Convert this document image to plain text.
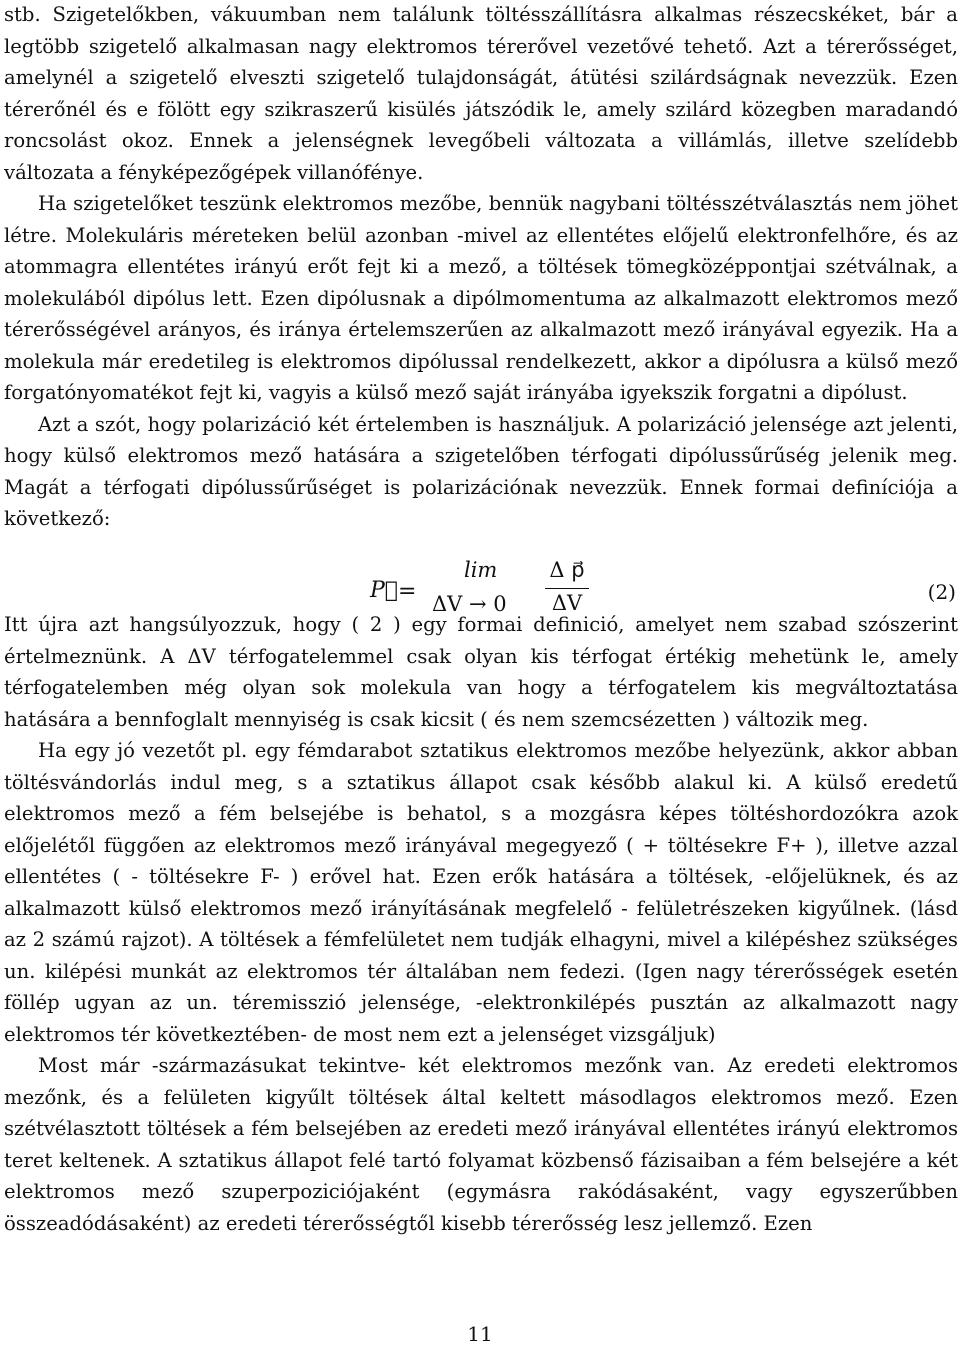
stb. Szigetelőkben, vákuumban nem találunk töltésszállításra alkalmas részecskéket, bár a legtöbb szigetelő alkalmasan nagy elektromos térerővel vezetővé tehető. Azt a térerősséget, amelynél a szigetelő elveszti szigetelő tulajdonságát, átütési szilárdságnak nevezzük. Ezen térerőnél és e fölött egy szikraszerű kisülés játszódik le, amely szilárd közegben maradandó roncsolást okoz. Ennek a jelenségnek levegőbeli változata a villámlás, illetve szelídebb változata a fényképezőgépek villanófénye.

Ha szigetelőket teszünk elektromos mezőbe, bennük nagybani töltésszétválasztás nem jöhet létre. Molekuláris méreteken belül azonban -mivel az ellentétes előjelű elektronfelhőre, és az atommagra ellentétes irányú erőt fejt ki a mező, a töltések tömegközéppontjai szétválnak, a molekulából dipólus lett. Ezen dipólusnak a dipólmomentuma az alkalmazott elektromos mező térerősségével arányos, és iránya értelemszerűen az alkalmazott mező irányával egyezik. Ha a molekula már eredetileg is elektromos dipólussal rendelkezett, akkor a dipólusra a külső mező forgatónyomatékot fejt ki, vagyis a külső mező saját irányába igyekszik forgatni a dipólust.

Azt a szót, hogy polarizáció két értelemben is használjuk. A polarizáció jelensége azt jelenti, hogy külső elektromos mező hatására a szigetelőben térfogati dipólussűrűség jelenik meg. Magát a térfogati dipólussűrűséget is polarizációnak nevezzük. Ennek formai definíciója a következő:

P⃗ =
lim
ΔV → 0
Δ p⃗
ΔV	(2)

Itt újra azt hangsúlyozzuk, hogy ( 2 ) egy formai definició, amelyet nem szabad szószerint értelmeznünk. A ΔV térfogatelemmel csak olyan kis térfogat értékig mehetünk le, amely térfogatelemben még olyan sok molekula van hogy a térfogatelem kis megváltoztatása hatására a bennfoglalt mennyiség is csak kicsit ( és nem szemcsézetten ) változik meg.

Ha egy jó vezetőt pl. egy fémdarabot sztatikus elektromos mezőbe helyezünk, akkor abban töltésvándorlás indul meg, s a sztatikus állapot csak később alakul ki. A külső eredetű elektromos mező a fém belsejébe is behatol, s a mozgásra képes töltéshordozókra azok előjelétől függően az elektromos mező irányával megegyező ( + töltésekre F+ ), illetve azzal ellentétes ( - töltésekre F- ) erővel hat. Ezen erők hatására a töltések, -előjelüknek, és az alkalmazott külső elektromos mező irányításának megfelelő - felületrészeken kigyűlnek. (lásd az 2 számú rajzot). A töltések a fémfelületet nem tudják elhagyni, mivel a kilépéshez szükséges un. kilépési munkát az elektromos tér általában nem fedezi. (Igen nagy térerősségek esetén föllép ugyan az un. téremisszió jelensége, -elektronkilépés pusztán az alkalmazott nagy elektromos tér következtében- de most nem ezt a jelenséget vizsgáljuk)

Most már -származásukat tekintve- két elektromos mezőnk van. Az eredeti elektromos mezőnk, és a felületen kigyűlt töltések által keltett másodlagos elektromos mező. Ezen szétvélasztott töltések a fém belsejében az eredeti mező irányával ellentétes irányú elektromos teret keltenek. A sztatikus állapot felé tartó folyamat közbenső fázisaiban a fém belsejére a két elektromos mező szuperpoziciójaként (egymásra rakódásaként, vagy egyszerűbben összeadódásaként) az eredeti térerősségtől kisebb térerősség lesz jellemző. Ezen

11
